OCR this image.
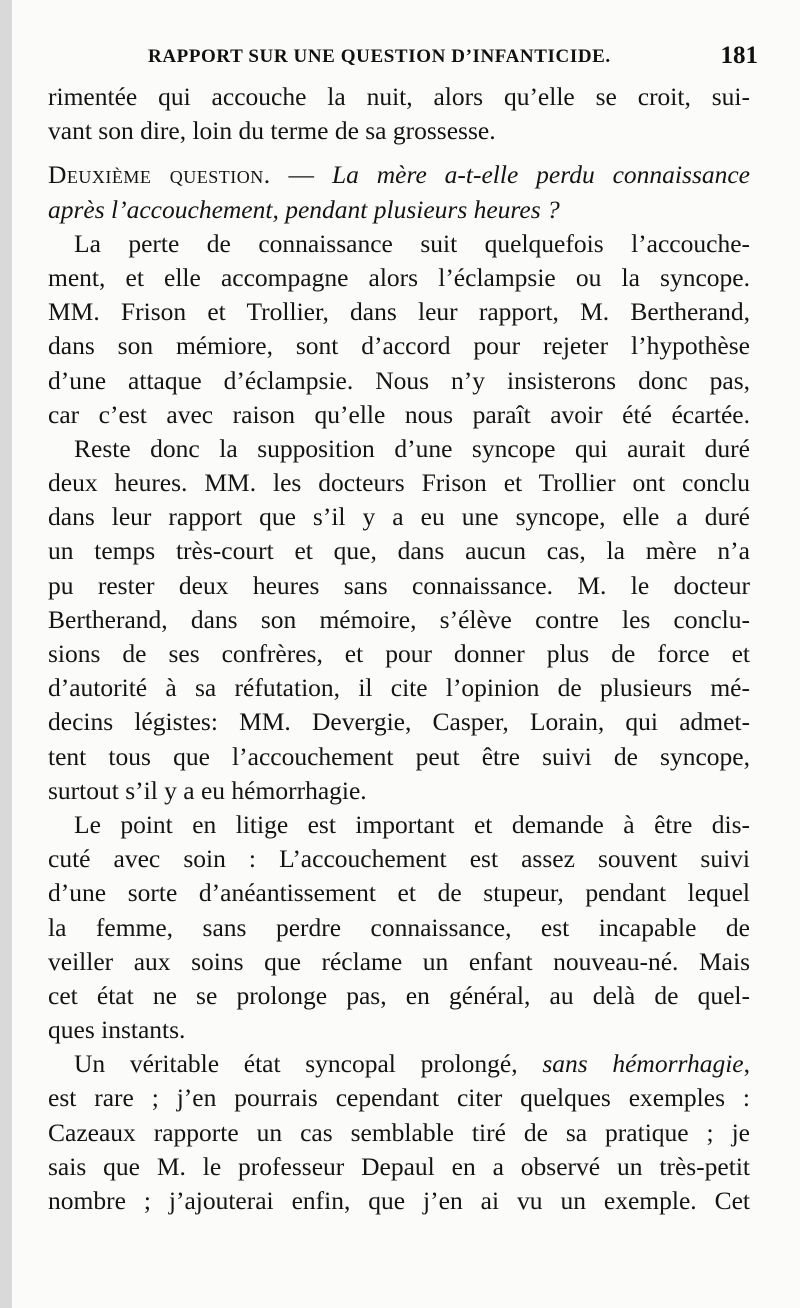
RAPPORT SUR UNE QUESTION D’INFANTICIDE.	181
rimentée qui accouche la nuit, alors qu’elle se croit, sui-
vant son dire, loin du terme de sa grossesse.
Deuxième question. — La mère a-t-elle perdu connaissance
après l’accouchement, pendant plusieurs heures ?
La perte de connaissance suit quelquefois l’accouche-
ment, et elle accompagne alors l’éclampsie ou la syncope.
MM. Frison et Trollier, dans leur rapport, M. Bertherand,
dans son mémiore, sont d’accord pour rejeter l’hypothèse
d’une attaque d’éclampsie. Nous n’y insisterons donc pas,
car c’est avec raison qu’elle nous paraît avoir été écartée.
Reste donc la supposition d’une syncope qui aurait duré
deux heures. MM. les docteurs Frison et Trollier ont conclu
dans leur rapport que s’il y a eu une syncope, elle a duré
un temps très-court et que, dans aucun cas, la mère n’a
pu rester deux heures sans connaissance. M. le docteur
Bertherand, dans son mémoire, s’élève contre les conclu-
sions de ses confrères, et pour donner plus de force et
d’autorité à sa réfutation, il cite l’opinion de plusieurs mé-
decins légistes: MM. Devergie, Casper, Lorain, qui admet-
tent tous que l’accouchement peut être suivi de syncope,
surtout s’il y a eu hémorrhagie.
Le point en litige est important et demande à être dis-
cuté avec soin : L’accouchement est assez souvent suivi
d’une sorte d’anéantissement et de stupeur, pendant lequel
la femme, sans perdre connaissance, est incapable de
veiller aux soins que réclame un enfant nouveau-né. Mais
cet état ne se prolonge pas, en général, au delà de quel-
ques instants.
Un véritable état syncopal prolongé, sans hémorrhagie,
est rare ; j’en pourrais cependant citer quelques exemples :
Cazeaux rapporte un cas semblable tiré de sa pratique ; je
sais que M. le professeur Depaul en a observé un très-petit
nombre ; j’ajouterai enfin, que j’en ai vu un exemple. Cet
